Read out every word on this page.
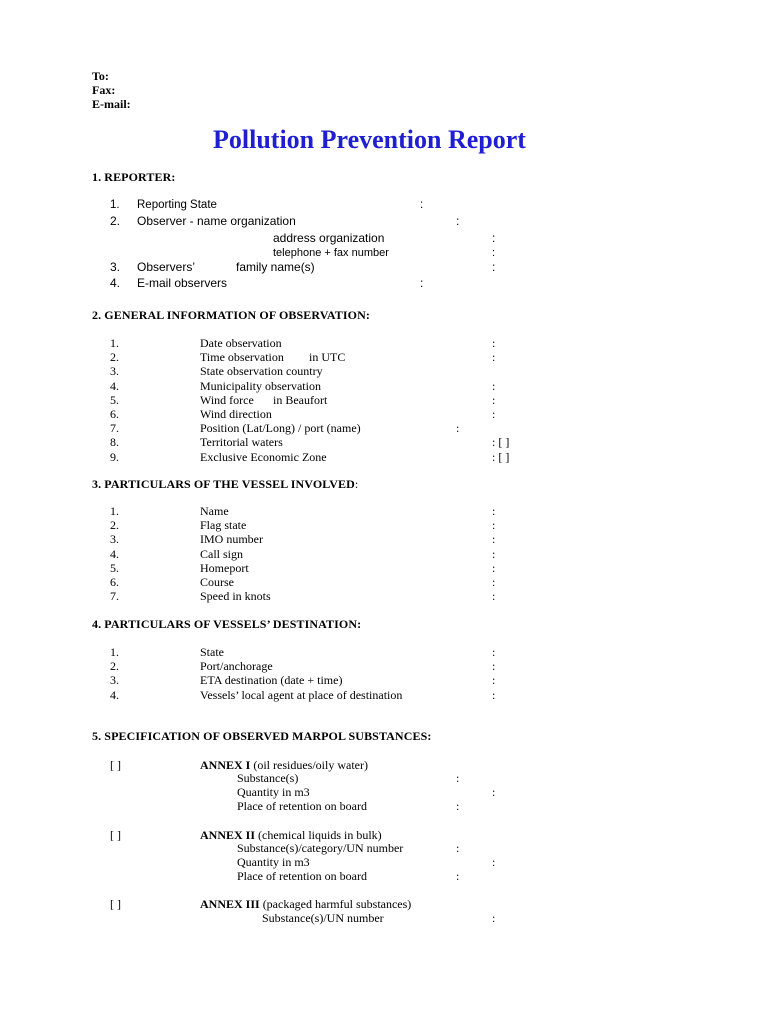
To:
Fax:
E-mail:
Pollution Prevention Report
1. REPORTER:
1. Reporting State	:
2. Observer - name organization	:
address organization	:
telephone + fax number	:
3. Observers’	family name(s)	:
4. E-mail observers	:
2. GENERAL INFORMATION OF OBSERVATION:
1.	Date observation	:
2.	Time observation in UTC	:
3.	State observation country
4.	Municipality observation	:
5.	Wind force in Beaufort	:
6.	Wind direction	:
7.	Position (Lat/Long) / port (name)	:
8.	Territorial waters	: [ ]
9.	Exclusive Economic Zone	: [ ]
3. PARTICULARS OF THE VESSEL INVOLVED:
1.	Name	:
2.	Flag state	:
3.	IMO number	:
4.	Call sign	:
5.	Homeport	:
6.	Course	:
7.	Speed in knots	:
4. PARTICULARS OF VESSELS’ DESTINATION:
1.	State	:
2.	Port/anchorage	:
3.	ETA destination (date + time)	:
4.	Vessels’ local agent at place of destination	:
5. SPECIFICATION OF OBSERVED MARPOL SUBSTANCES:
[ ]	ANNEX I (oil residues/oily water)
Substance(s)	:
Quantity in m3	:
Place of retention on board	:
[ ]	ANNEX II (chemical liquids in bulk)
Substance(s)/category/UN number	:
Quantity in m3	:
Place of retention on board	:
[ ]	ANNEX III (packaged harmful substances)
Substance(s)/UN number	:
